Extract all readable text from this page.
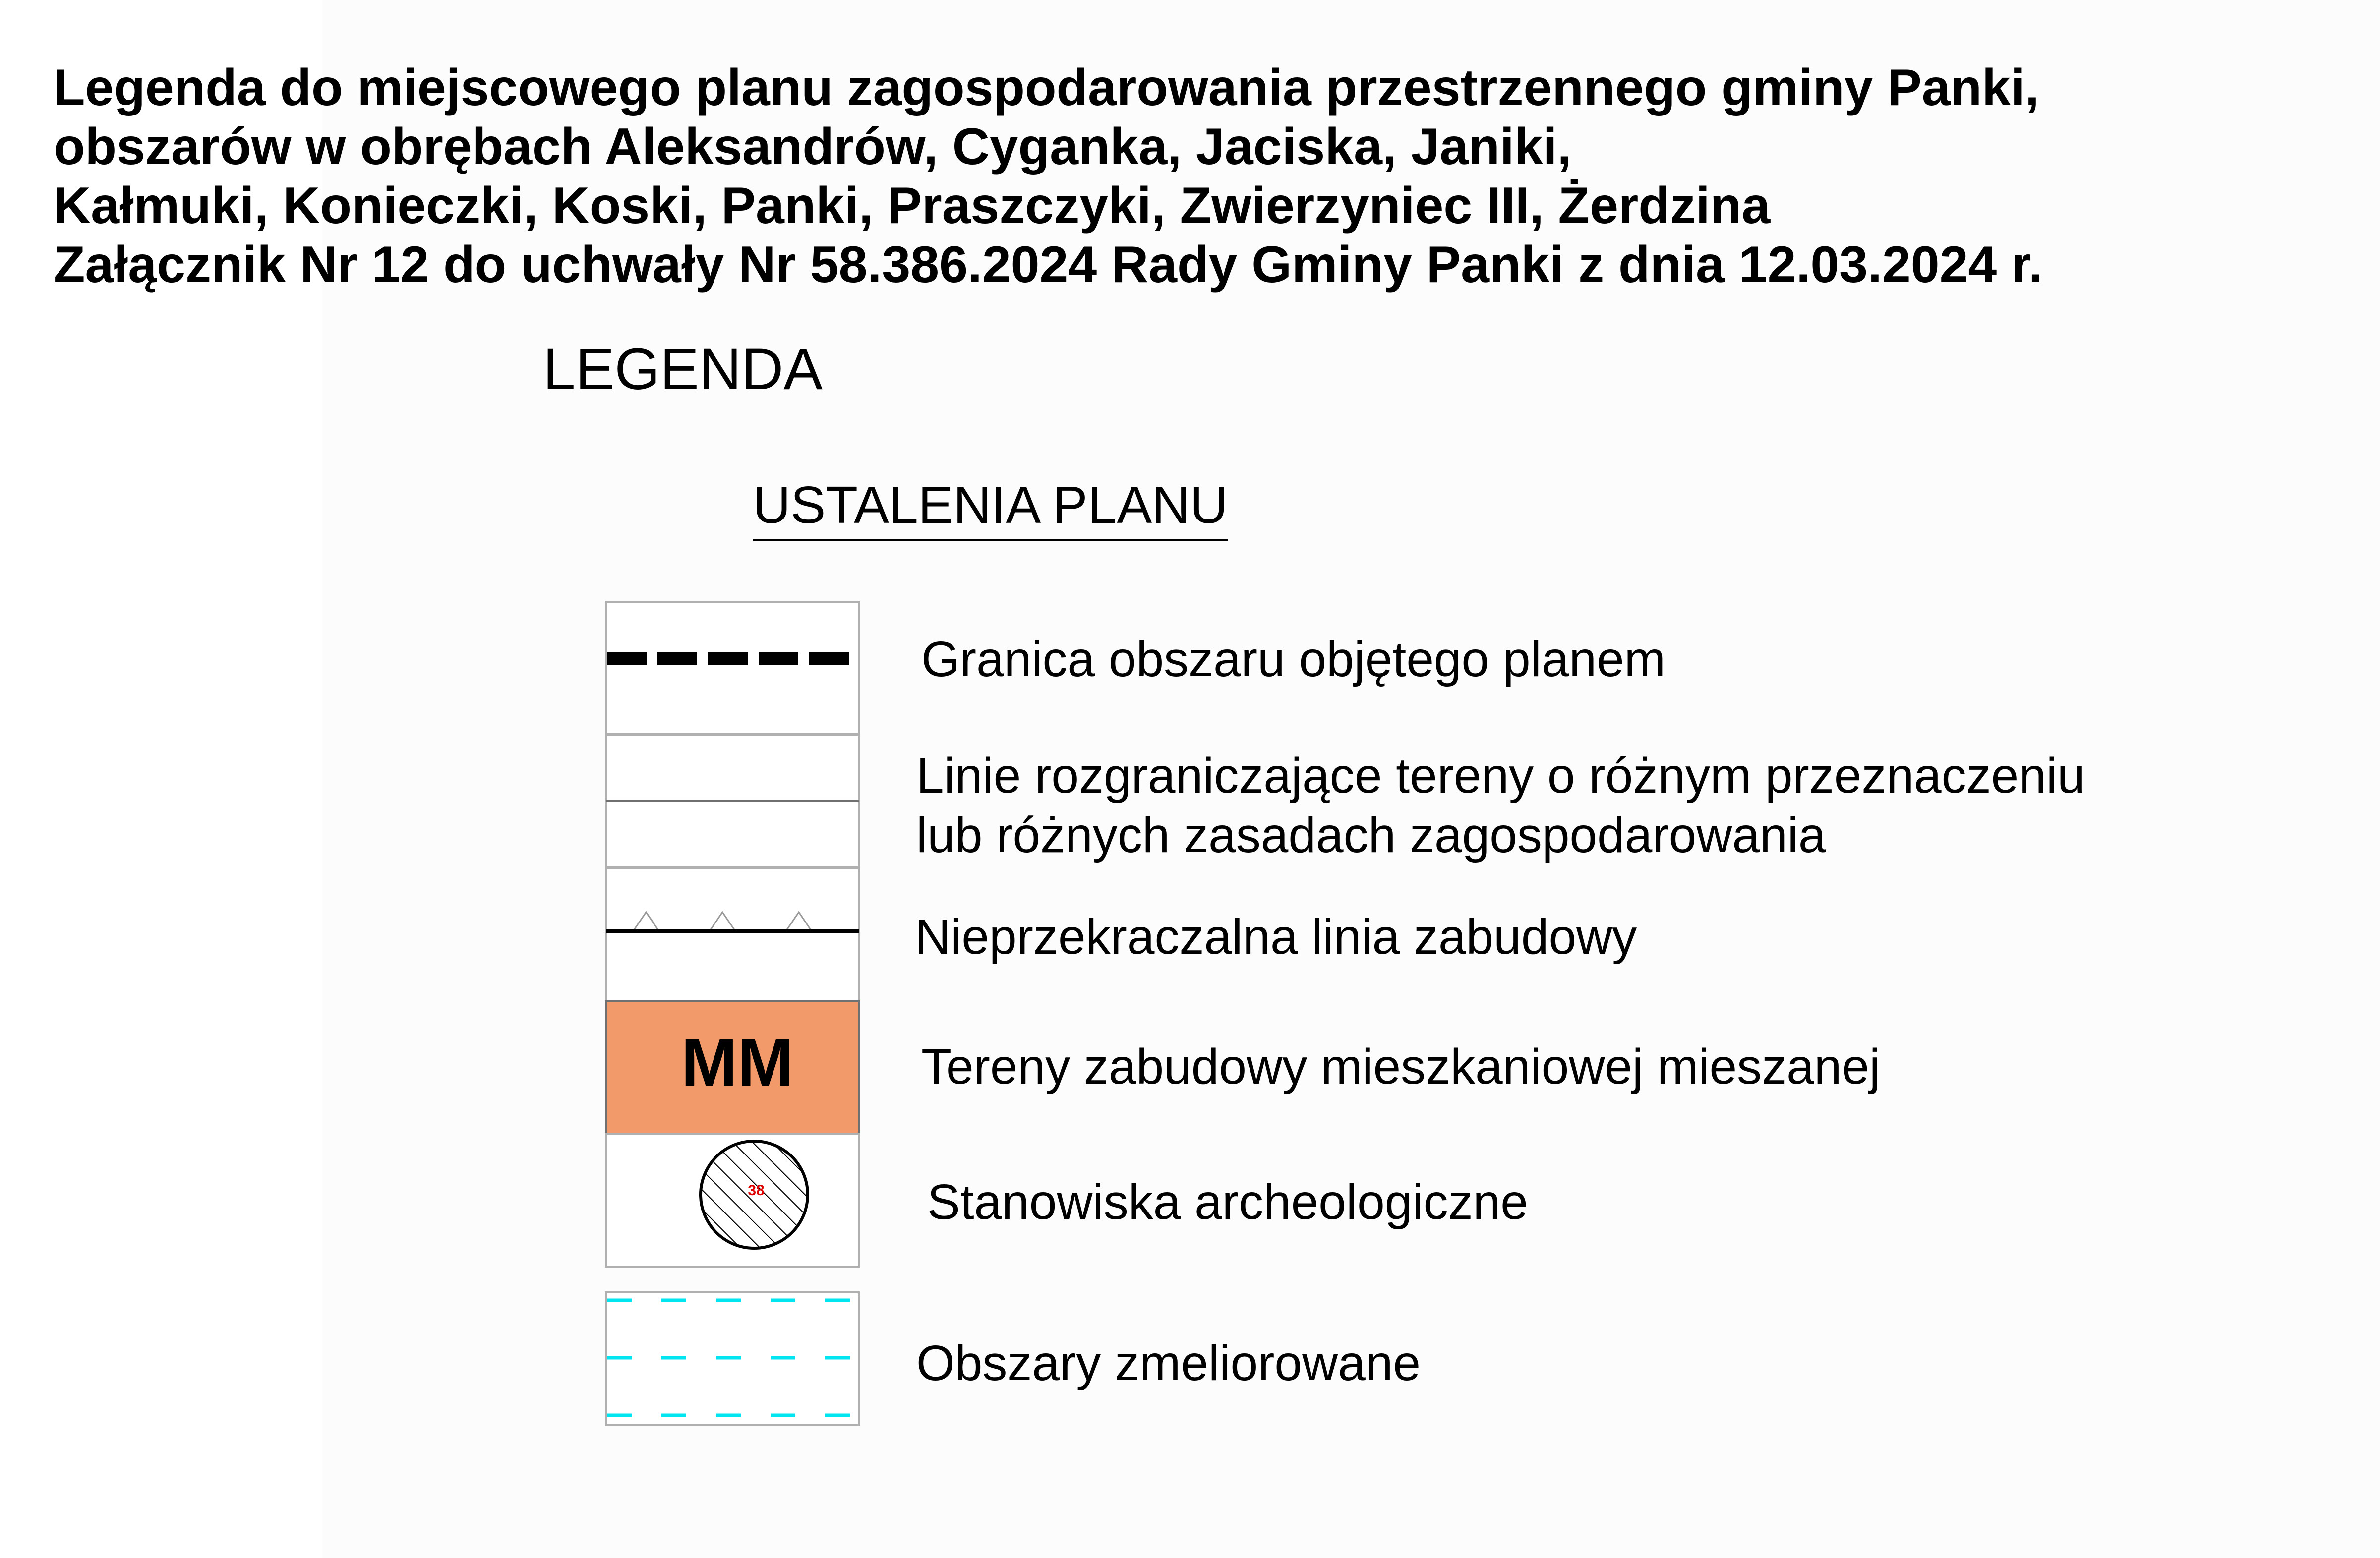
Legenda do miejscowego planu zagospodarowania przestrzennego gminy Panki,
obszarów w obrębach Aleksandrów, Cyganka, Jaciska, Janiki,
Kałmuki, Konieczki, Koski, Panki, Praszczyki, Zwierzyniec III, Żerdzina
Załącznik Nr 12 do uchwały Nr 58.386.2024 Rady Gminy Panki z dnia 12.03.2024 r.
LEGENDA
USTALENIA PLANU
Granica obszaru objętego planem
Linie rozgraniczające tereny o różnym przeznaczeniu
lub różnych zasadach zagospodarowania
Nieprzekraczalna linia zabudowy
MM	Tereny zabudowy mieszkaniowej mieszanej
38	Stanowiska archeologiczne
Obszary zmeliorowane
